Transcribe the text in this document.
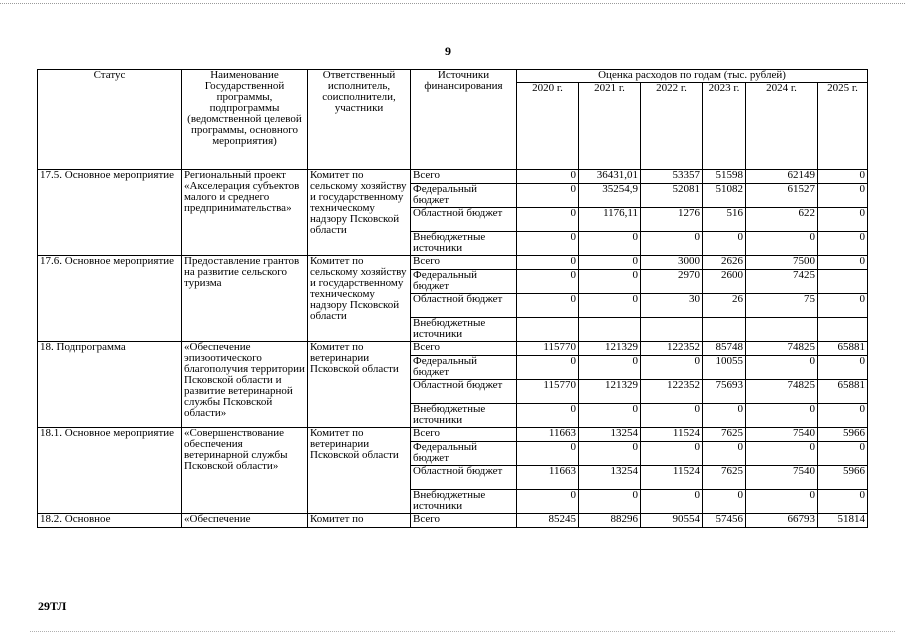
9
Статус	Наименование Государственной программы, подпрограммы (ведомственной целевой программы, основного мероприятия)	Ответственный исполнитель, соисполнители, участники	Источники финансирования	Оценка расходов по годам (тыс. рублей)					
				2020 г.	2021 г.	2022 г.	2023 г.	2024 г.	2025 г.
17.5. Основное мероприятие	Региональный проект «Акселерация субъектов малого и среднего предпринимательства»	Комитет по сельскому хозяйству и государственному техническому надзору Псковской области	Всего	0	36431,01	53357	51598	62149	0
			Федеральный бюджет	0	35254,9	52081	51082	61527	0
			Областной бюджет	0	1176,11	1276	516	622	0
			Внебюджетные источники	0	0	0	0	0	0
17.6. Основное мероприятие	Предоставление грантов на развитие сельского туризма	Комитет по сельскому хозяйству и государственному техническому надзору Псковской области	Всего	0	0	3000	2626	7500	0
			Федеральный бюджет	0	0	2970	2600	7425	
			Областной бюджет	0	0	30	26	75	0
			Внебюджетные источники						
18. Подпрограмма	«Обеспечение эпизоотического благополучия территории Псковской области и развитие ветеринарной службы Псковской области»	Комитет по ветеринарии Псковской области	Всего	115770	121329	122352	85748	74825	65881
			Федеральный бюджет	0	0	0	10055	0	0
			Областной бюджет	115770	121329	122352	75693	74825	65881
			Внебюджетные источники	0	0	0	0	0	0
18.1. Основное мероприятие	«Совершенствование обеспечения ветеринарной службы Псковской области»	Комитет по ветеринарии Псковской области	Всего	11663	13254	11524	7625	7540	5966
			Федеральный бюджет	0	0	0	0	0	0
			Областной бюджет	11663	13254	11524	7625	7540	5966
			Внебюджетные источники	0	0	0	0	0	0
18.2. Основное	«Обеспечение	Комитет по	Всего	85245	88296	90554	57456	66793	51814
29ТЛ
